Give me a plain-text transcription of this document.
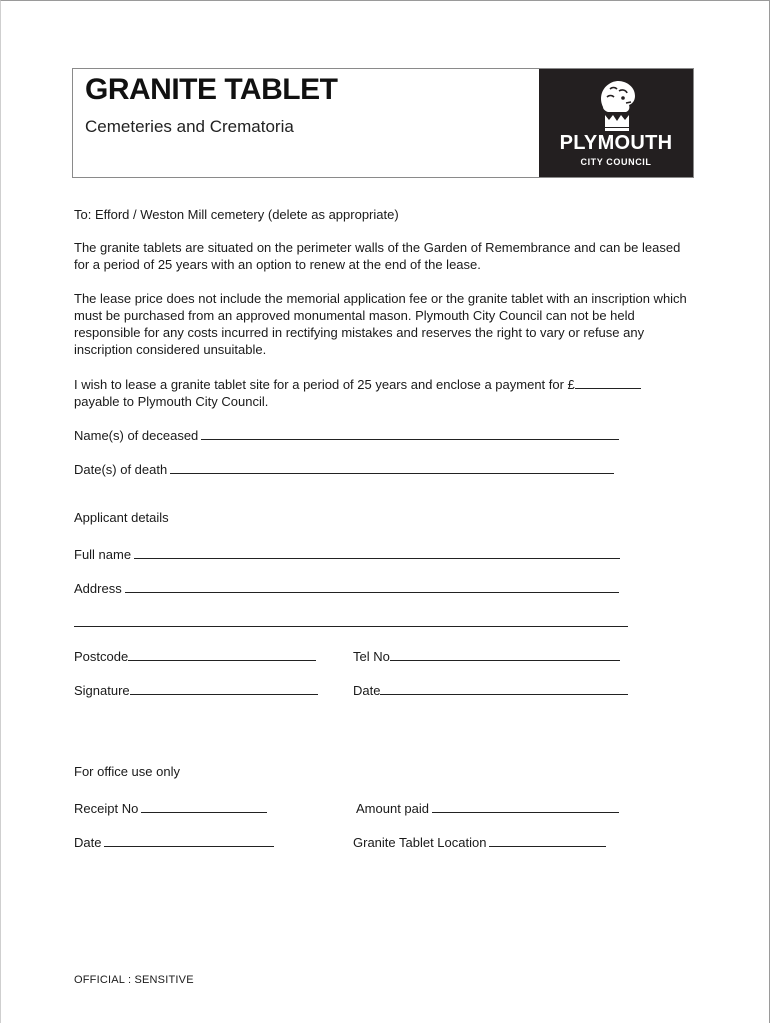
GRANITE TABLET
Cemeteries and Crematoria
PLYMOUTH
CITY COUNCIL
To: Efford / Weston Mill cemetery (delete as appropriate)
The granite tablets are situated on the perimeter walls of the Garden of Remembrance and can be leased for a period of 25 years with an option to renew at the end of the lease.
The lease price does not include the memorial application fee or the granite tablet with an inscription which must be purchased from an approved monumental mason. Plymouth City Council can not be held responsible for any costs incurred in rectifying mistakes and reserves the right to vary or refuse any inscription considered unsuitable.
I wish to lease a granite tablet site for a period of 25 years and enclose a payment for £
payable to Plymouth City Council.
Name(s) of deceased
Date(s) of death
Applicant details
Full name
Address
Postcode	Tel No
Signature	Date
For office use only
Receipt No	Amount paid
Date	Granite Tablet Location
OFFICIAL : SENSITIVE
